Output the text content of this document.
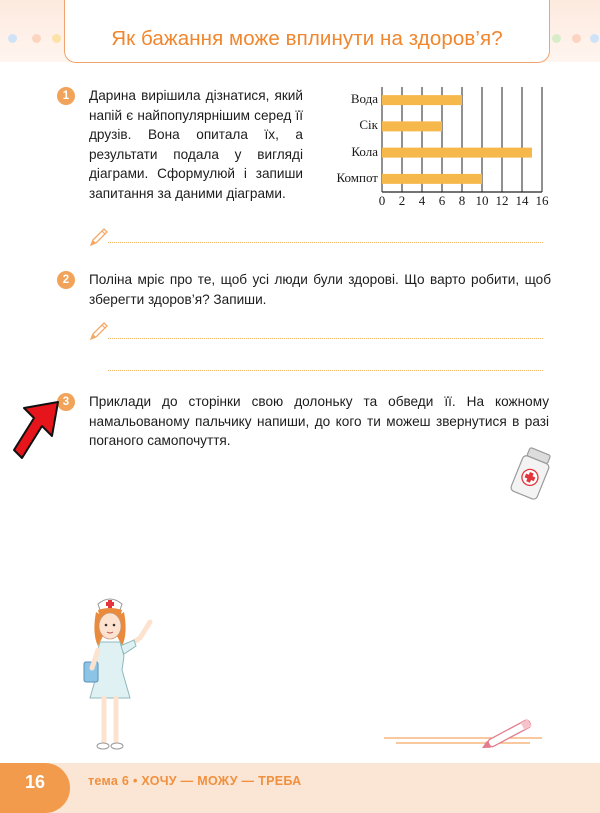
Як бажання може вплинути на здоров’я?
1	Дарина вирішила дізнатися, який напій є найпопулярнішим серед її друзів. Вона опитала їх, а результати подала у вигляді діаграми. Сформулюй і запиши запитання за даними діаграми.
Вода
Сік
Кола
Компот
0	2	4	6	8 10 12 14 16
2	Поліна мріє про те, щоб усі люди були здорові. Що варто робити, щоб зберегти здоров’я? Запиши.
3	Приклади до сторінки свою долоньку та обведи її. На кожному намальованому пальчику напиши, до кого ти можеш звернутися в разі поганого самопочуття.
16	тема 6 • ХОЧУ — МОЖУ — ТРЕБА
